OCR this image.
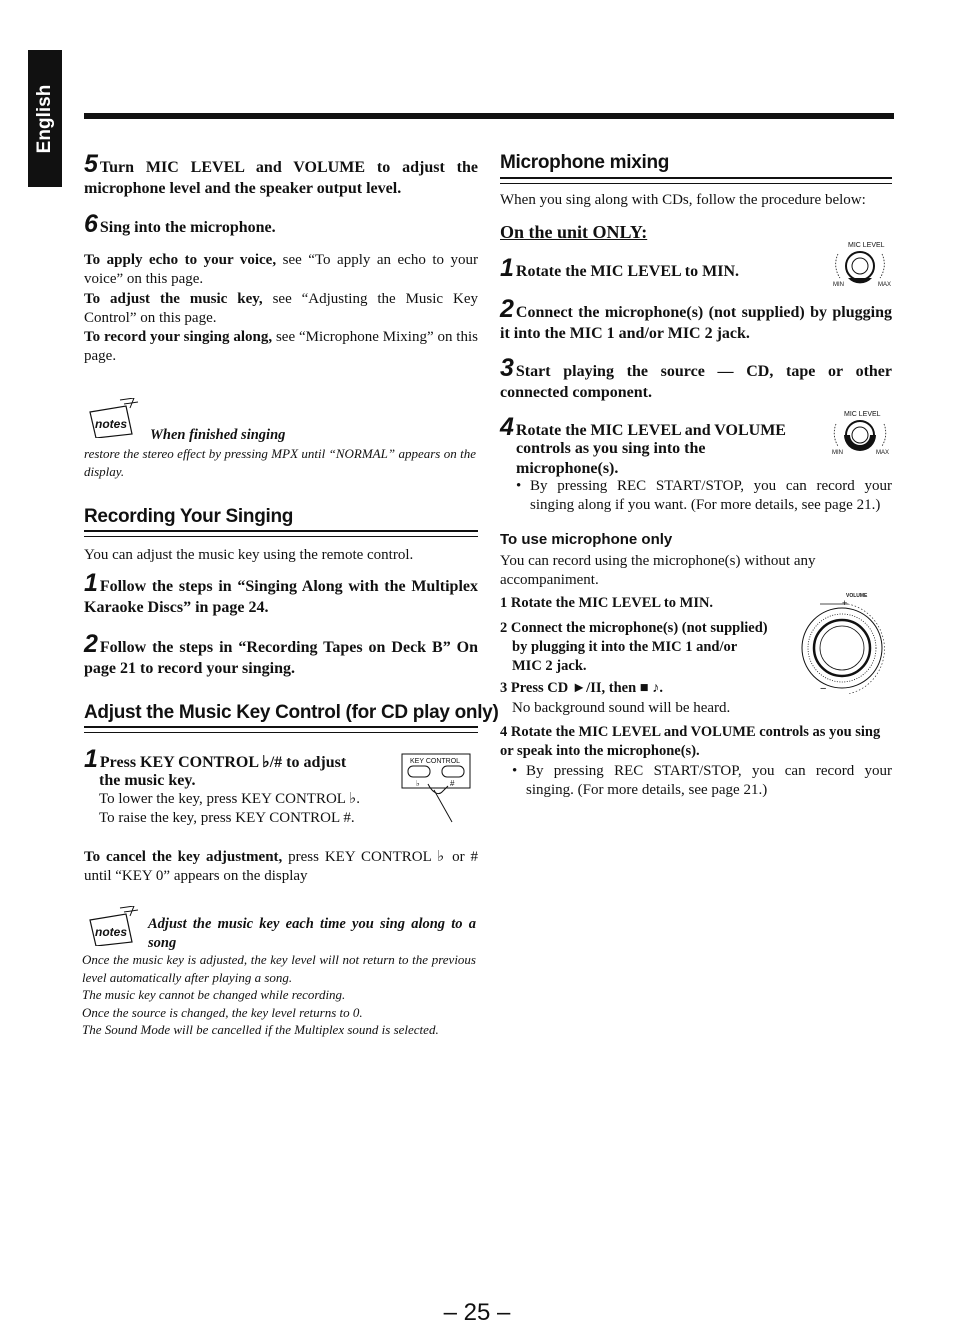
English
5 Turn MIC LEVEL and VOLUME to adjust the microphone level and the speaker output level.
6 Sing into the microphone.
To apply echo to your voice, see “To apply an echo to your voice” on this page.
To adjust the music key, see “Adjusting the Music Key Control” on this page.
To record your singing along, see “Microphone Mixing” on this page.
notes
When finished singing
restore the stereo effect by pressing MPX until “NORMAL” appears on the display.
Recording Your Singing
You can adjust the music key using the remote control.
1 Follow the steps in “Singing Along with the Multiplex Karaoke Discs” in page 24.
2 Follow the steps in “Recording Tapes on Deck B” On page 21 to record your singing.
Adjust the Music Key Control (for CD play only)
1 Press KEY CONTROL ♭/# to adjust
the music key.
To lower the key, press KEY CONTROL ♭.
To raise the key, press KEY CONTROL #.
KEY CONTROL
♭	#
To cancel the key adjustment, press KEY CONTROL ♭ or # until “KEY 0” appears on the display
notes Adjust the music key each time you sing along to a song
Once the music key is adjusted, the key level will not return to the previous level automatically after playing a song.
The music key cannot be changed while recording.
Once the source is changed, the key level returns to 0.
The Sound Mode will be cancelled if the Multiplex sound is selected.
Microphone mixing
When you sing along with CDs, follow the procedure below:
On the unit ONLY:
MIC LEVEL
MIN	MAX
1 Rotate the MIC LEVEL to MIN.
2 Connect the microphone(s) (not supplied) by plugging it into the MIC 1 and/or MIC 2 jack.
3 Start playing the source — CD, tape or other connected component.
MIC LEVEL
MIN	MAX
4 Rotate the MIC LEVEL and VOLUME
controls as you sing into the
microphone(s).
• By pressing REC START/STOP, you can record your singing along if you want. (For more details, see page 21.)
To use microphone only
You can record using the microphone(s) without any accompaniment.
1 Rotate the MIC LEVEL to MIN.
2 Connect the microphone(s) (not supplied)
by plugging it into the MIC 1 and/or
MIC 2 jack.
3 Press CD ►/II, then ■ ♪.
No background sound will be heard.
VOLUME
+
−
4 Rotate the MIC LEVEL and VOLUME controls as you sing or speak into the microphone(s).
• By pressing REC START/STOP, you can record your singing. (For more details, see page 21.)
– 25 –
